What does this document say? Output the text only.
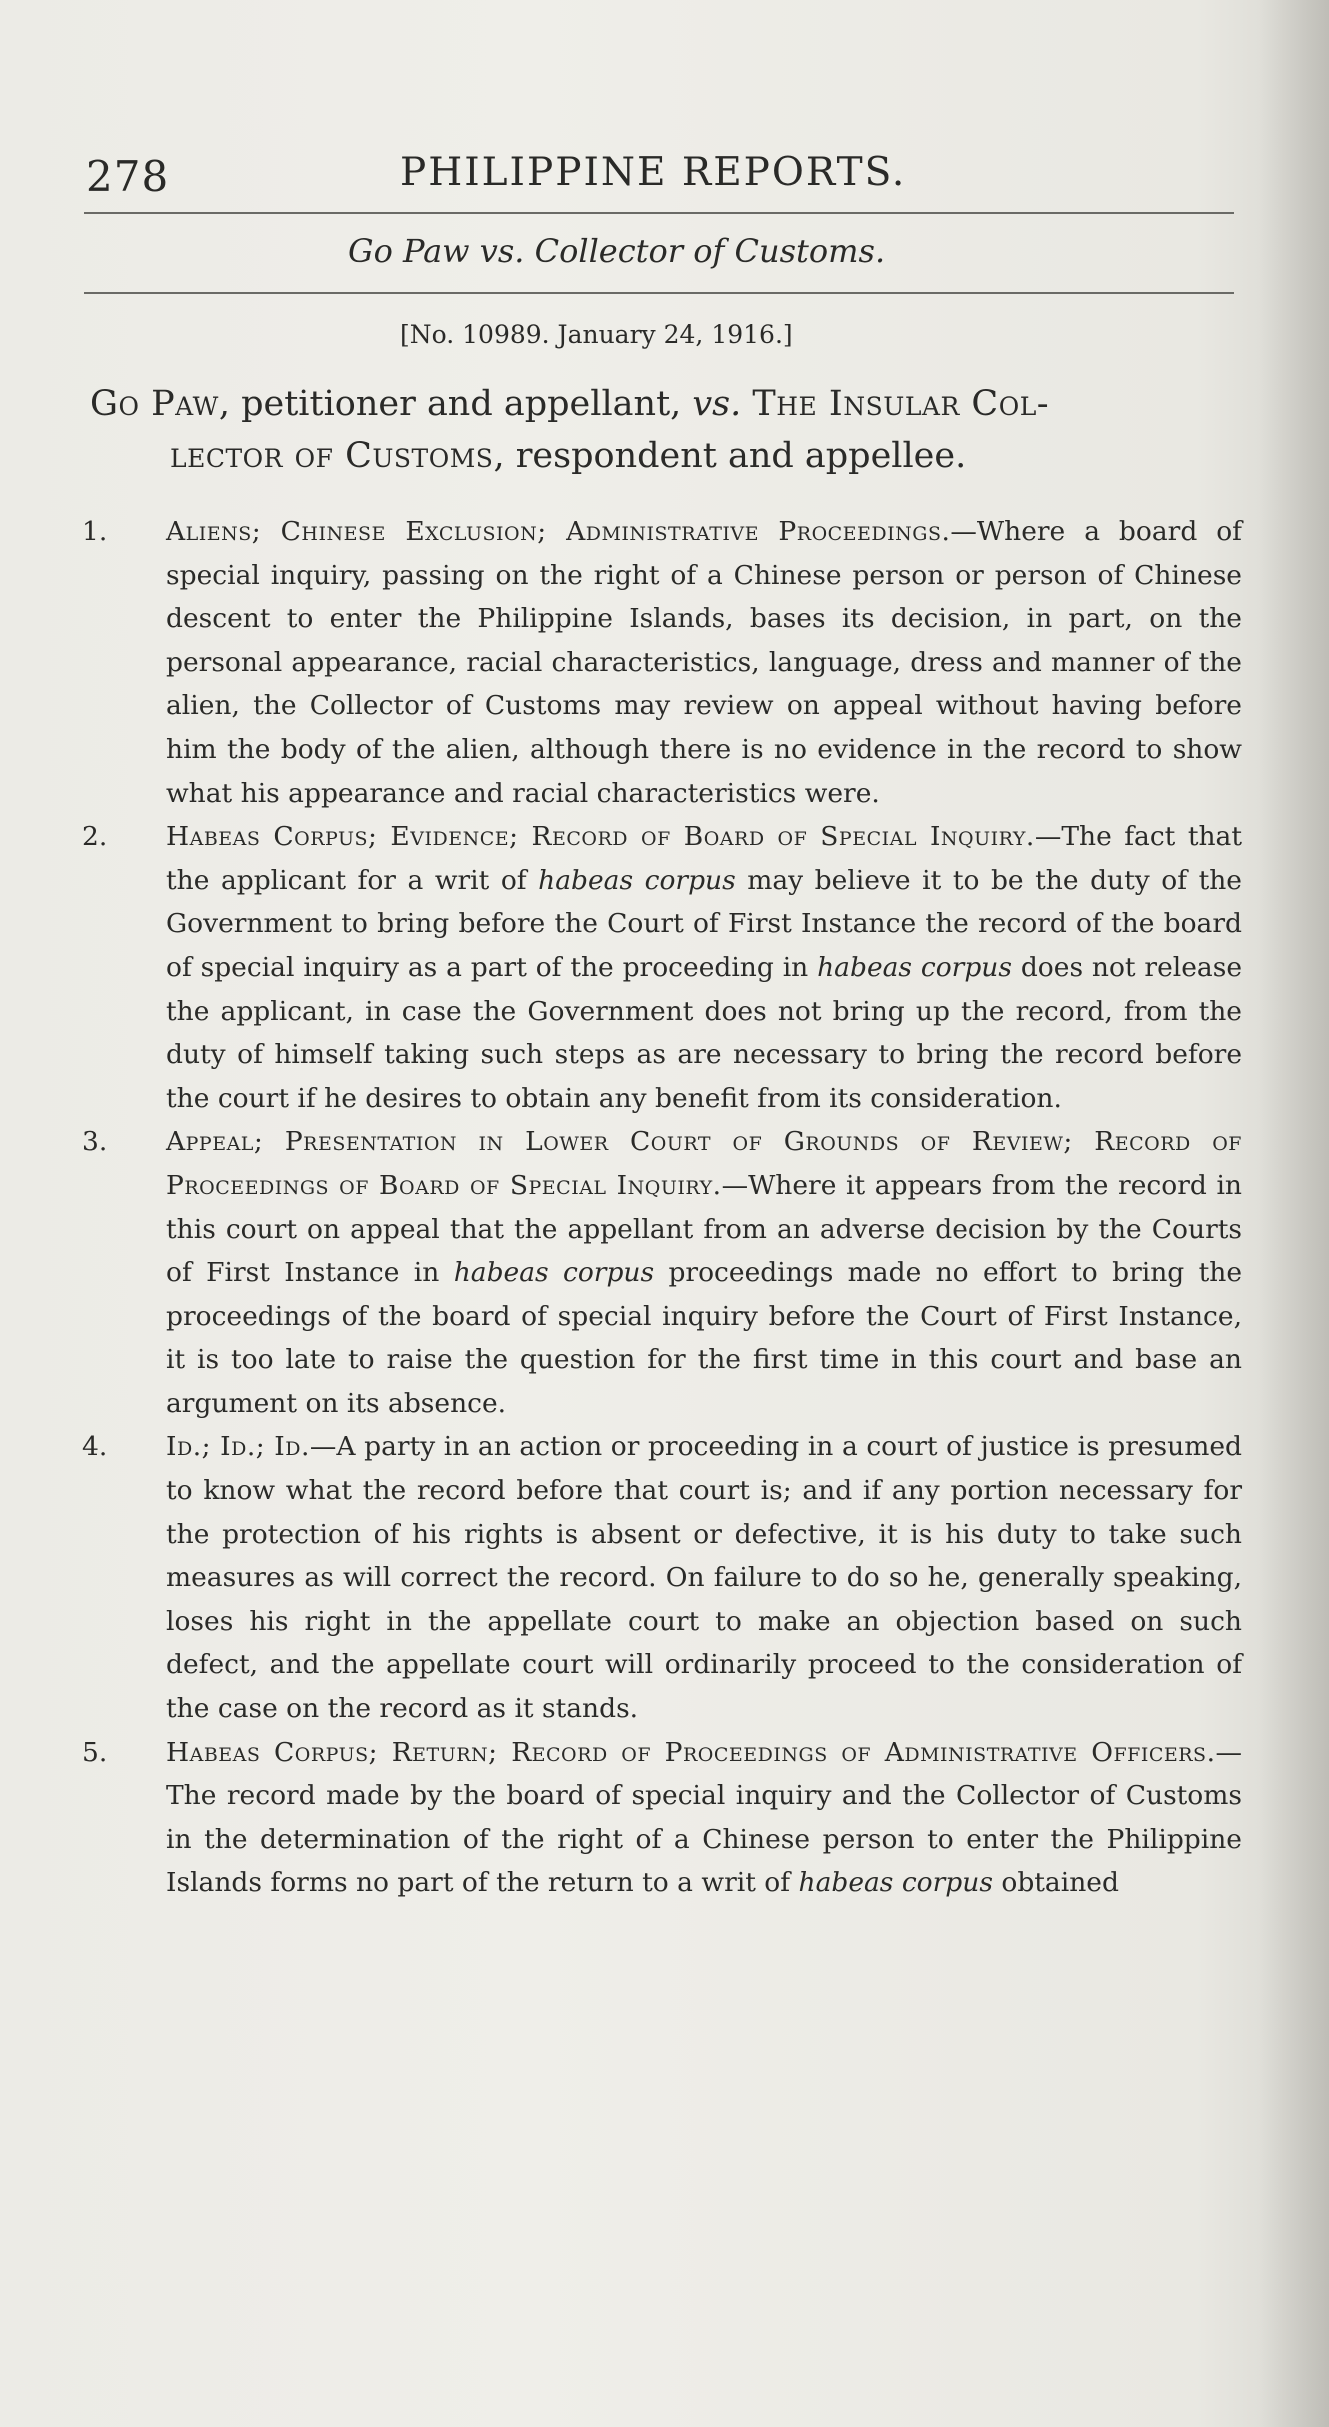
278	PHILIPPINE REPORTS.
Go Paw vs. Collector of Customs.
[No. 10989. January 24, 1916.]

Go Paw, petitioner and appellant, vs. The Insular Col-
lector of Customs, respondent and appellee.

1. Aliens; Chinese Exclusion; Administrative Proceedings.—Where a board of special inquiry, passing on the right of a Chinese person or person of Chinese descent to enter the Philippine Islands, bases its decision, in part, on the personal appearance, racial characteristics, language, dress and manner of the alien, the Collector of Customs may review on appeal without having before him the body of the alien, although there is no evidence in the record to show what his appearance and racial characteristics were.
2. Habeas Corpus; Evidence; Record of Board of Special Inquiry.—The fact that the applicant for a writ of habeas corpus may believe it to be the duty of the Government to bring before the Court of First Instance the record of the board of special inquiry as a part of the proceeding in habeas corpus does not release the applicant, in case the Government does not bring up the record, from the duty of himself taking such steps as are necessary to bring the record before the court if he desires to obtain any benefit from its consideration.
3. Appeal; Presentation in Lower Court of Grounds of Review; Record of Proceedings of Board of Special Inquiry.—Where it appears from the record in this court on appeal that the appellant from an adverse decision by the Courts of First Instance in habeas corpus proceedings made no effort to bring the proceedings of the board of special inquiry before the Court of First Instance, it is too late to raise the question for the first time in this court and base an argument on its absence.
4. Id.; Id.; Id.—A party in an action or proceeding in a court of justice is presumed to know what the record before that court is; and if any portion necessary for the protection of his rights is absent or defective, it is his duty to take such measures as will correct the record. On failure to do so he, generally speaking, loses his right in the appellate court to make an objection based on such defect, and the appellate court will ordinarily proceed to the consideration of the case on the record as it stands.
5. Habeas Corpus; Return; Record of Proceedings of Administrative Officers.—The record made by the board of special inquiry and the Collector of Customs in the determination of the right of a Chinese person to enter the Philippine Islands forms no part of the return to a writ of habeas corpus obtained
